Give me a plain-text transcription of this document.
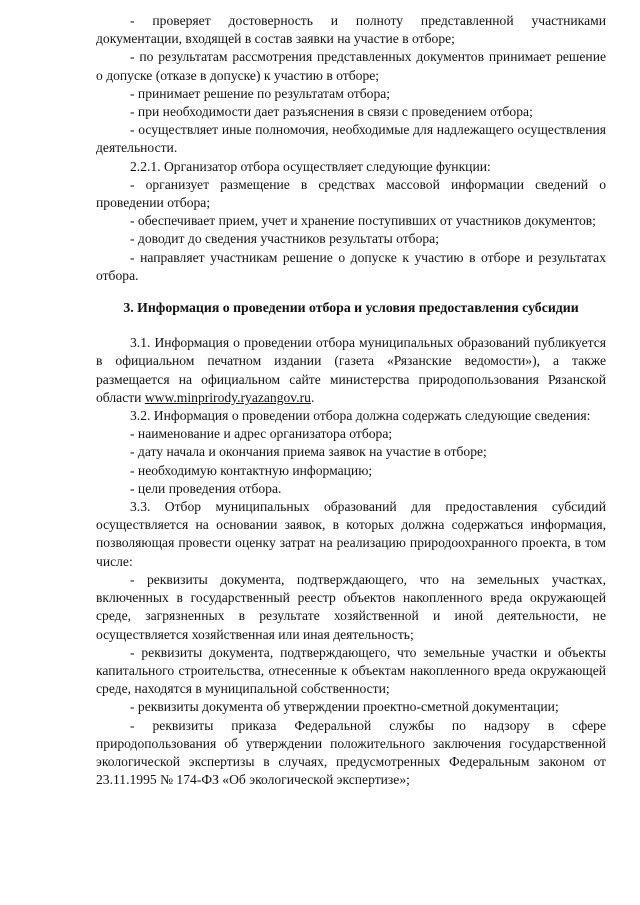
- проверяет достоверность и полноту представленной участниками документации, входящей в состав заявки на участие в отборе;

- по результатам рассмотрения представленных документов принимает решение о допуске (отказе в допуске) к участию в отборе;

- принимает решение по результатам отбора;

- при необходимости дает разъяснения в связи с проведением отбора;

- осуществляет иные полномочия, необходимые для надлежащего осуществления деятельности.

2.2.1. Организатор отбора осуществляет следующие функции:

- организует размещение в средствах массовой информации сведений о проведении отбора;

- обеспечивает прием, учет и хранение поступивших от участников документов;

- доводит до сведения участников результаты отбора;

- направляет участникам решение о допуске к участию в отборе и результатах отбора.

3. Информация о проведении отбора и условия предоставления субсидии

3.1. Информация о проведении отбора муниципальных образований публикуется в официальном печатном издании (газета «Рязанские ведомости»), а также размещается на официальном сайте министерства природопользования Рязанской области www.minprirody.ryazangov.ru.

3.2. Информация о проведении отбора должна содержать следующие сведения:

- наименование и адрес организатора отбора;

- дату начала и окончания приема заявок на участие в отборе;

- необходимую контактную информацию;

- цели проведения отбора.

3.3. Отбор муниципальных образований для предоставления субсидий осуществляется на основании заявок, в которых должна содержаться информация, позволяющая провести оценку затрат на реализацию природоохранного проекта, в том числе:

- реквизиты документа, подтверждающего, что на земельных участках, включенных в государственный реестр объектов накопленного вреда окружающей среде, загрязненных в результате хозяйственной и иной деятельности, не осуществляется хозяйственная или иная деятельность;

- реквизиты документа, подтверждающего, что земельные участки и объекты капитального строительства, отнесенные к объектам накопленного вреда окружающей среде, находятся в муниципальной собственности;

- реквизиты документа об утверждении проектно-сметной документации;

- реквизиты приказа Федеральной службы по надзору в сфере природопользования об утверждении положительного заключения государственной экологической экспертизы в случаях, предусмотренных Федеральным законом от 23.11.1995 № 174-ФЗ «Об экологической экспертизе»;
